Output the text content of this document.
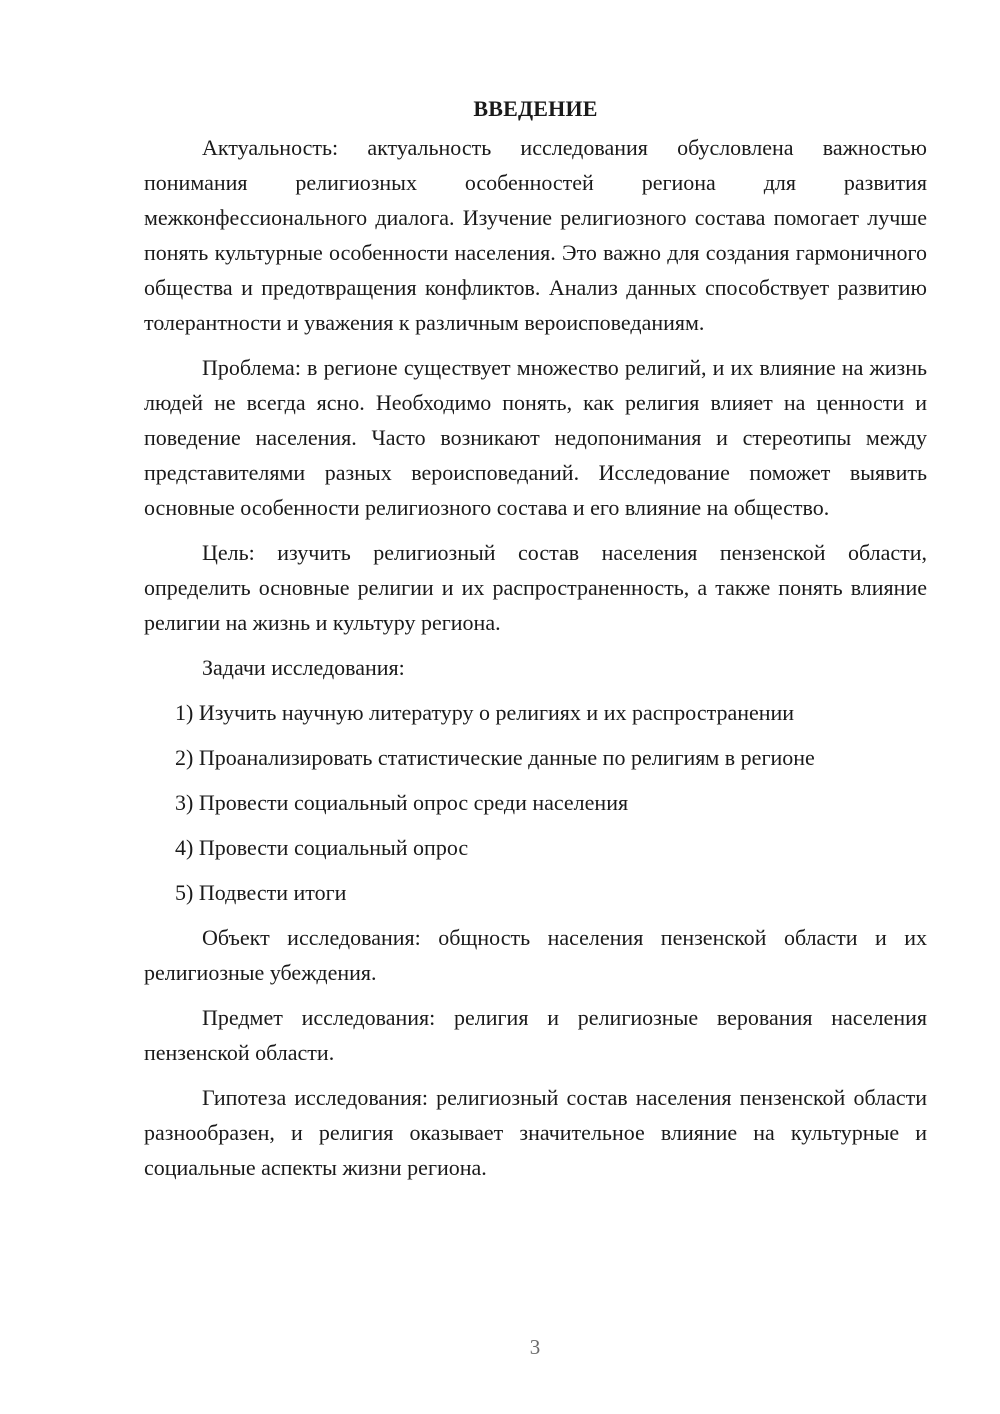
ВВЕДЕНИЕ

Актуальность: актуальность исследования обусловлена важностью понимания религиозных особенностей региона для развития межконфессионального диалога. Изучение религиозного состава помогает лучше понять культурные особенности населения. Это важно для создания гармоничного общества и предотвращения конфликтов. Анализ данных способствует развитию толерантности и уважения к различным вероисповеданиям.

Проблема: в регионе существует множество религий, и их влияние на жизнь людей не всегда ясно. Необходимо понять, как религия влияет на ценности и поведение населения. Часто возникают недопонимания и стереотипы между представителями разных вероисповеданий. Исследование поможет выявить основные особенности религиозного состава и его влияние на общество.

Цель: изучить религиозный состав населения пензенской области, определить основные религии и их распространенность, а также понять влияние религии на жизнь и культуру региона.

Задачи исследования:

1) Изучить научную литературу о религиях и их распространении

2) Проанализировать статистические данные по религиям в регионе

3) Провести социальный опрос среди населения

4) Провести социальный опрос

5) Подвести итоги

Объект исследования: общность населения пензенской области и их религиозные убеждения.

Предмет исследования: религия и религиозные верования населения пензенской области.

Гипотеза исследования: религиозный состав населения пензенской области разнообразен, и религия оказывает значительное влияние на культурные и социальные аспекты жизни региона.

3
